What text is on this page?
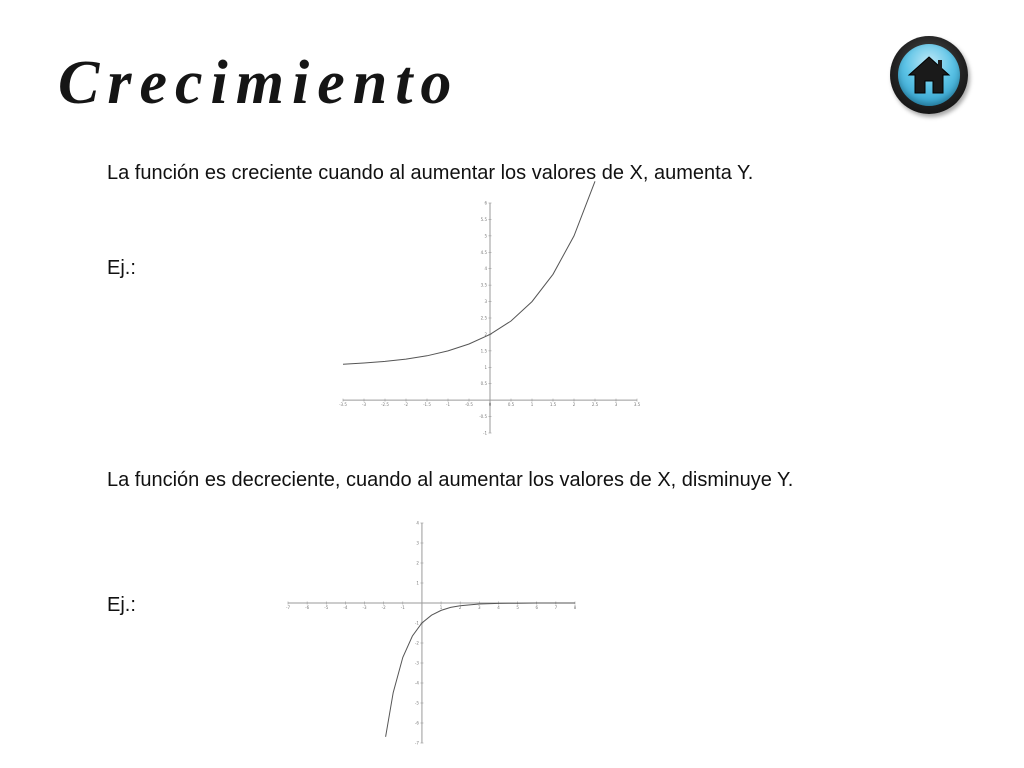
Crecimiento

La función es creciente cuando al aumentar los valores de X, aumenta Y.

Ej.:

-3.5	-3	-2.5	-2	-1.5	-1	-0.5	0	0.5	1	1.5	2	2.5	3	3.5
-1
-0.5
0.5
1
1.5
2
2.5
3
3.5
4
4.5
5
5.5
6

La función es decreciente, cuando al aumentar los valores de X, disminuye Y.

Ej.:	-7	-6	-5	-4	-3	-2	-1	1	2	3	4	5	6	7	8
-7
-6
-5
-4
-3
-2
-1
1
2
3
4
